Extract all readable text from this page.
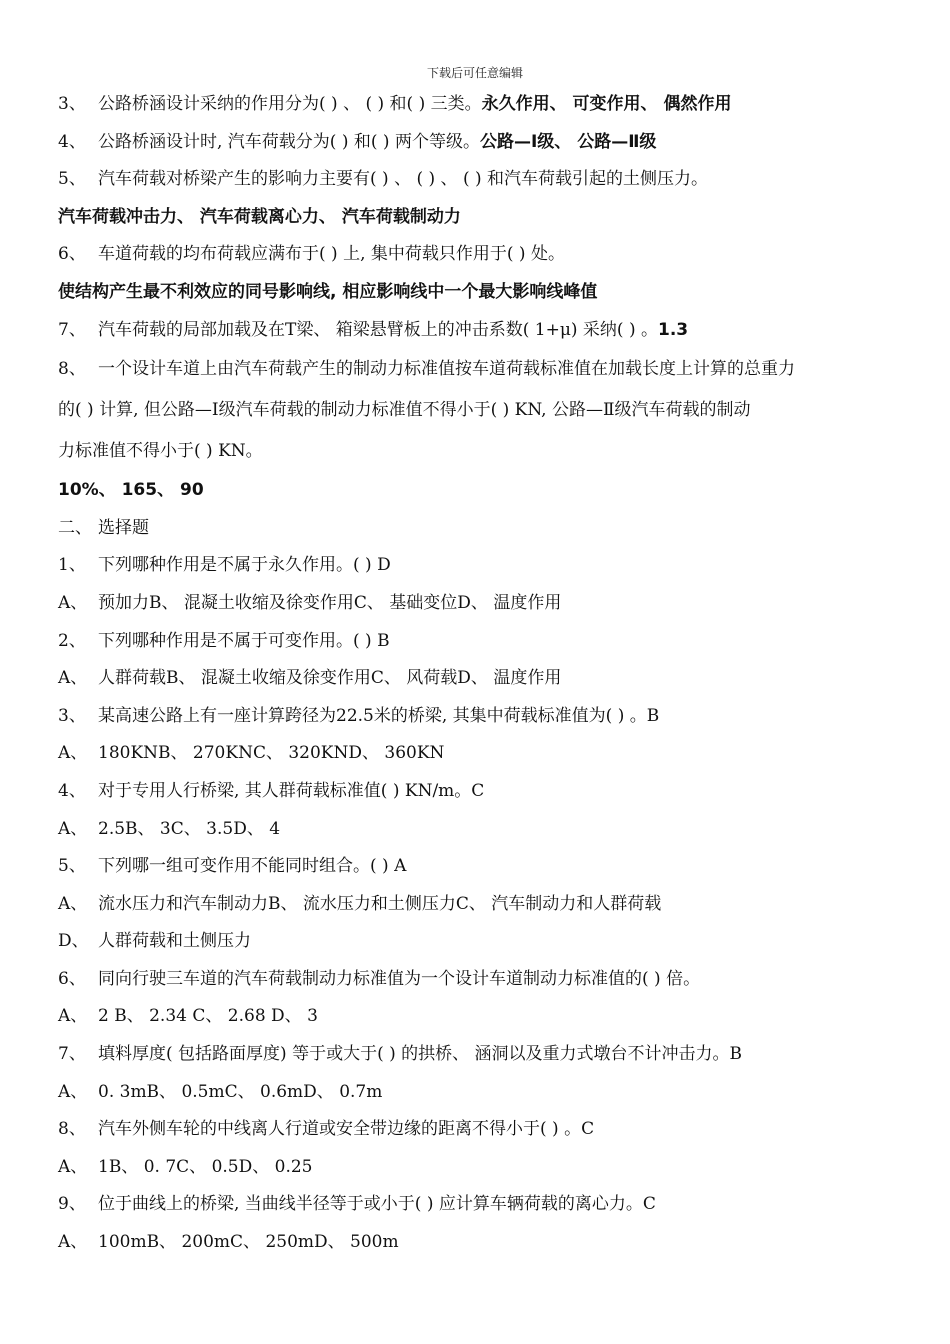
下载后可任意编辑
3、 公路桥涵设计采纳的作用分为( ) 、 ( ) 和( ) 三类。永久作用、 可变作用、 偶然作用
4、 公路桥涵设计时, 汽车荷载分为( ) 和( ) 两个等级。公路—Ⅰ级、 公路—Ⅱ级
5、 汽车荷载对桥梁产生的影响力主要有( ) 、 ( ) 、 ( ) 和汽车荷载引起的土侧压力。
汽车荷载冲击力、 汽车荷载离心力、 汽车荷载制动力
6、 车道荷载的均布荷载应满布于( ) 上, 集中荷载只作用于( ) 处。
使结构产生最不利效应的同号影响线, 相应影响线中一个最大影响线峰值
7、 汽车荷载的局部加载及在T梁、 箱梁悬臂板上的冲击系数( 1+μ) 采纳( ) 。1.3
8、 一个设计车道上由汽车荷载产生的制动力标准值按车道荷载标准值在加载长度上计算的总重力
的( ) 计算, 但公路—Ⅰ级汽车荷载的制动力标准值不得小于( ) KN, 公路—Ⅱ级汽车荷载的制动
力标准值不得小于( ) KN。
10%、 165、 90
二、 选择题
1、 下列哪种作用是不属于永久作用。( ) D
A、 预加力B、 混凝土收缩及徐变作用C、 基础变位D、 温度作用
2、 下列哪种作用是不属于可变作用。( ) B
A、 人群荷载B、 混凝土收缩及徐变作用C、 风荷载D、 温度作用
3、 某高速公路上有一座计算跨径为22.5米的桥梁, 其集中荷载标准值为( ) 。B
A、 180KNB、 270KNC、 320KND、 360KN
4、 对于专用人行桥梁, 其人群荷载标准值( ) KN/m。C
A、 2.5B、 3C、 3.5D、 4
5、 下列哪一组可变作用不能同时组合。( ) A
A、 流水压力和汽车制动力B、 流水压力和土侧压力C、 汽车制动力和人群荷载
D、 人群荷载和土侧压力
6、 同向行驶三车道的汽车荷载制动力标准值为一个设计车道制动力标准值的( ) 倍。
A、 2 B、 2.34 C、 2.68 D、 3
7、 填料厚度( 包括路面厚度) 等于或大于( ) 的拱桥、 涵洞以及重力式墩台不计冲击力。B
A、 0. 3mB、 0.5mC、 0.6mD、 0.7m
8、 汽车外侧车轮的中线离人行道或安全带边缘的距离不得小于( ) 。C
A、 1B、 0. 7C、 0.5D、 0.25
9、 位于曲线上的桥梁, 当曲线半径等于或小于( ) 应计算车辆荷载的离心力。C
A、 100mB、 200mC、 250mD、 500m
